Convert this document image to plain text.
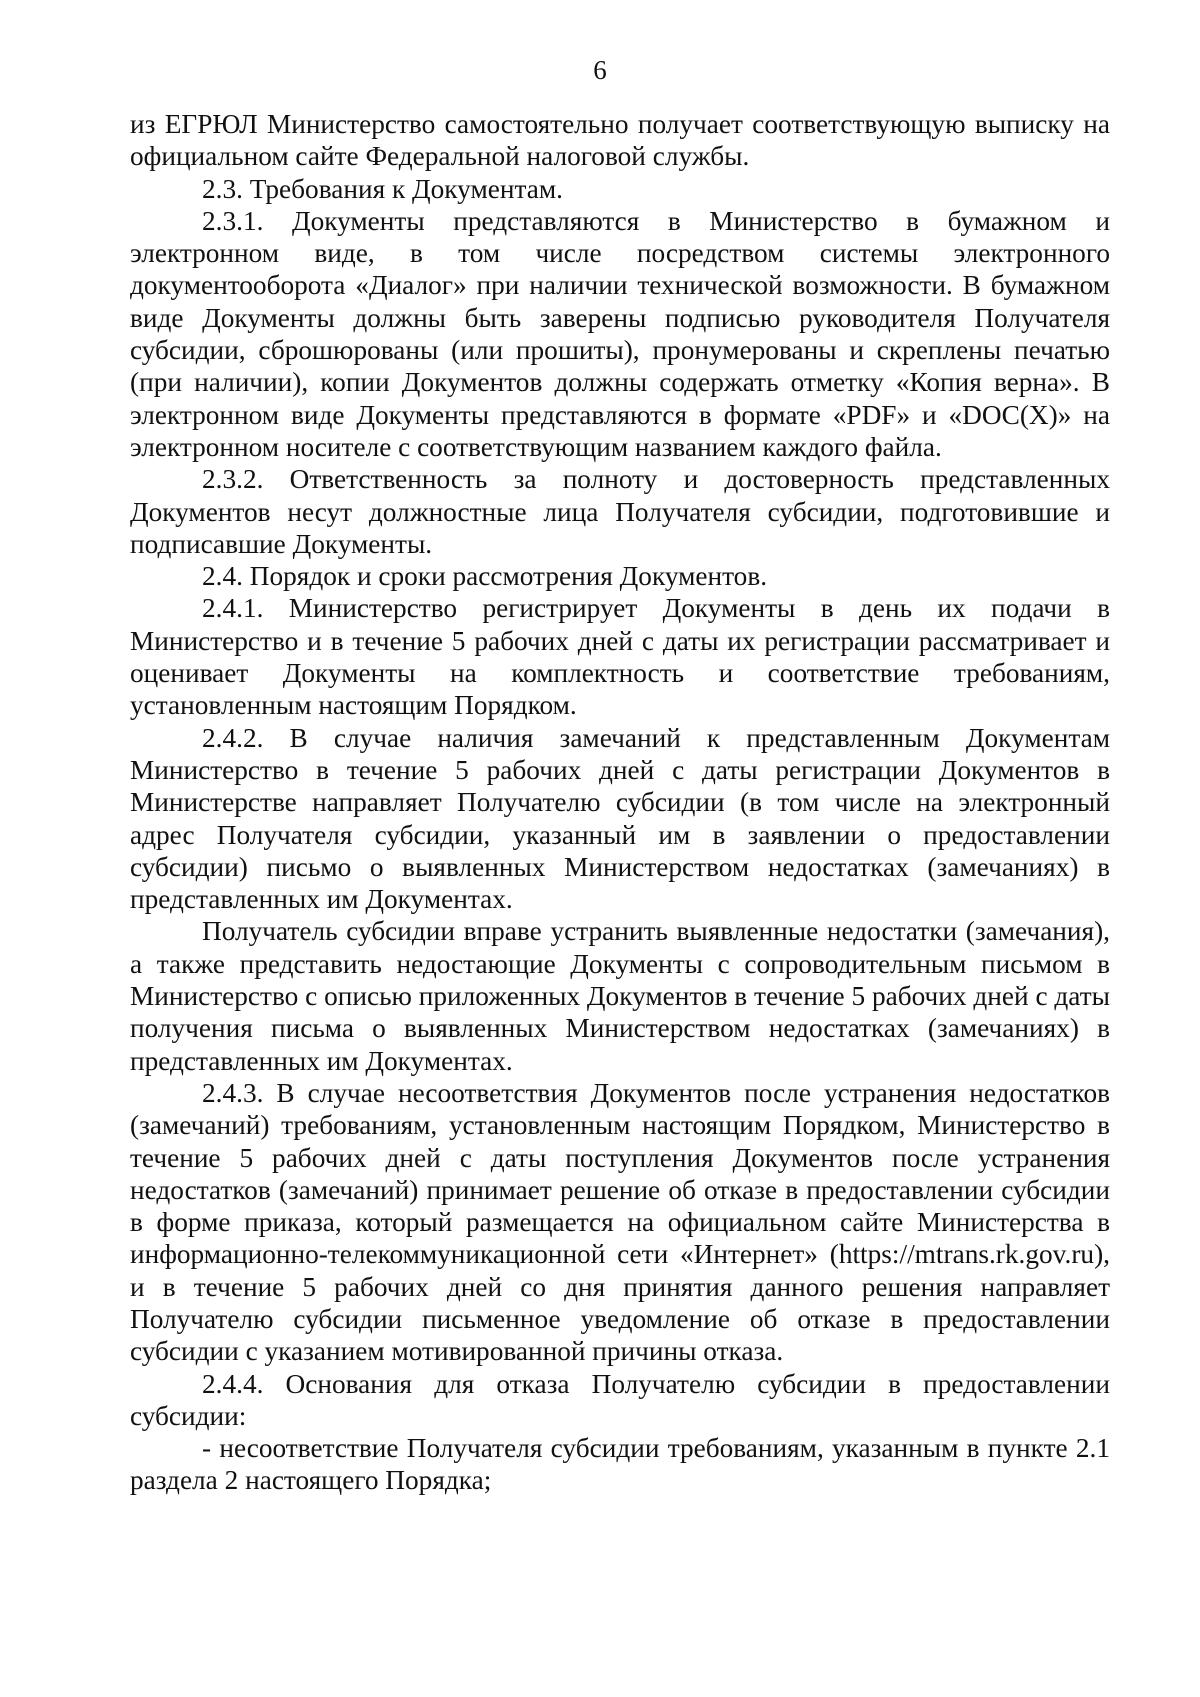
6

из ЕГРЮЛ Министерство самостоятельно получает соответствующую выписку на официальном сайте Федеральной налоговой службы.

2.3. Требования к Документам.

2.3.1. Документы представляются в Министерство в бумажном и электронном виде, в том числе посредством системы электронного документооборота «Диалог» при наличии технической возможности. В бумажном виде Документы должны быть заверены подписью руководителя Получателя субсидии, сброшюрованы (или прошиты), пронумерованы и скреплены печатью (при наличии), копии Документов должны содержать отметку «Копия верна». В электронном виде Документы представляются в формате «PDF» и «DOC(X)» на электронном носителе с соответствующим названием каждого файла.

2.3.2. Ответственность за полноту и достоверность представленных Документов несут должностные лица Получателя субсидии, подготовившие и подписавшие Документы.

2.4. Порядок и сроки рассмотрения Документов.

2.4.1. Министерство регистрирует Документы в день их подачи в Министерство и в течение 5 рабочих дней с даты их регистрации рассматривает и оценивает Документы на комплектность и соответствие требованиям, установленным настоящим Порядком.

2.4.2. В случае наличия замечаний к представленным Документам Министерство в течение 5 рабочих дней с даты регистрации Документов в Министерстве направляет Получателю субсидии (в том числе на электронный адрес Получателя субсидии, указанный им в заявлении о предоставлении субсидии) письмо о выявленных Министерством недостатках (замечаниях) в представленных им Документах.

Получатель субсидии вправе устранить выявленные недостатки (замечания), а также представить недостающие Документы с сопроводительным письмом в Министерство с описью приложенных Документов в течение 5 рабочих дней с даты получения письма о выявленных Министерством недостатках (замечаниях) в представленных им Документах.

2.4.3. В случае несоответствия Документов после устранения недостатков (замечаний) требованиям, установленным настоящим Порядком, Министерство в течение 5 рабочих дней с даты поступления Документов после устранения недостатков (замечаний) принимает решение об отказе в предоставлении субсидии в форме приказа, который размещается на официальном сайте Министерства в информационно-телекоммуникационной сети «Интернет» (https://mtrans.rk.gov.ru), и в течение 5 рабочих дней со дня принятия данного решения направляет Получателю субсидии письменное уведомление об отказе в предоставлении субсидии с указанием мотивированной причины отказа.

2.4.4. Основания для отказа Получателю субсидии в предоставлении субсидии:

- несоответствие Получателя субсидии требованиям, указанным в пункте 2.1 раздела 2 настоящего Порядка;
